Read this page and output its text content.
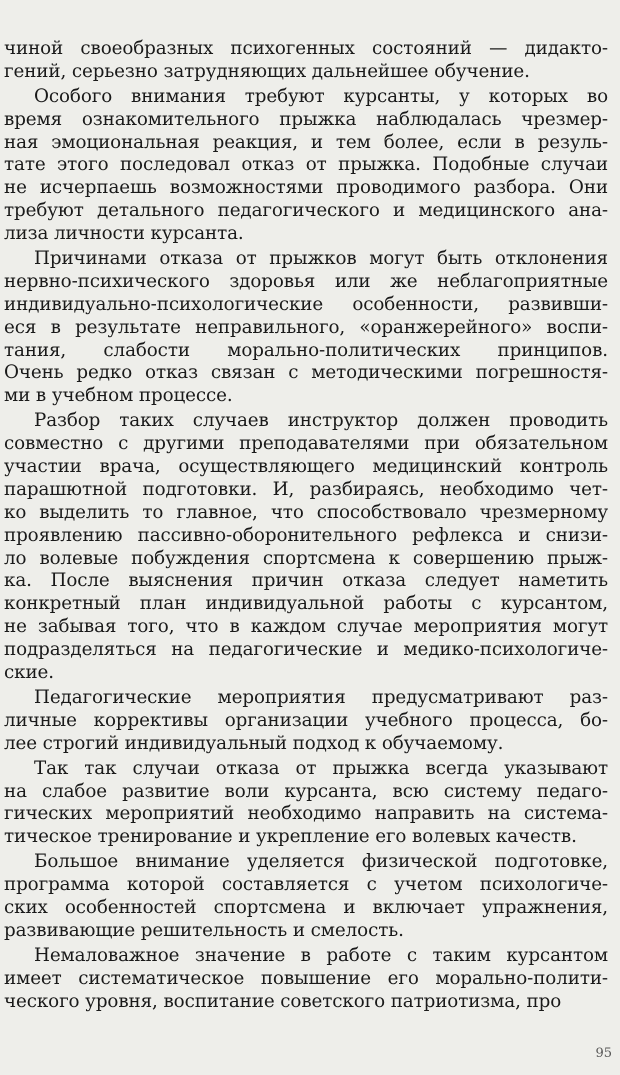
чиной своеобразных психогенных состояний — дидакто-
гений, серьезно затрудняющих дальнейшее обучение.
Особого внимания требуют курсанты, у которых во
время ознакомительного прыжка наблюдалась чрезмер-
ная эмоциональная реакция, и тем более, если в резуль-
тате этого последовал отказ от прыжка. Подобные случаи
не исчерпаешь возможностями проводимого разбора. Они
требуют детального педагогического и медицинского ана-
лиза личности курсанта.
Причинами отказа от прыжков могут быть отклонения
нервно-психического здоровья или же неблагоприятные
индивидуально-психологические особенности, развивши-
еся в результате неправильного, «оранжерейного» воспи-
тания, слабости морально-политических принципов.
Очень редко отказ связан с методическими погрешностя-
ми в учебном процессе.
Разбор таких случаев инструктор должен проводить
совместно с другими преподавателями при обязательном
участии врача, осуществляющего медицинский контроль
парашютной подготовки. И, разбираясь, необходимо чет-
ко выделить то главное, что способствовало чрезмерному
проявлению пассивно-оборонительного рефлекса и снизи-
ло волевые побуждения спортсмена к совершению прыж-
ка. После выяснения причин отказа следует наметить
конкретный план индивидуальной работы с курсантом,
не забывая того, что в каждом случае мероприятия могут
подразделяться на педагогические и медико-психологиче-
ские.
Педагогические мероприятия предусматривают раз-
личные коррективы организации учебного процесса, бо-
лее строгий индивидуальный подход к обучаемому.
Так так случаи отказа от прыжка всегда указывают
на слабое развитие воли курсанта, всю систему педаго-
гических мероприятий необходимо направить на система-
тическое тренирование и укрепление его волевых качеств.
Большое внимание уделяется физической подготовке,
программа которой составляется с учетом психологиче-
ских особенностей спортсмена и включает упражнения,
развивающие решительность и смелость.
Немаловажное значение в работе с таким курсантом
имеет систематическое повышение его морально-полити-
ческого уровня, воспитание советского патриотизма, про
95
